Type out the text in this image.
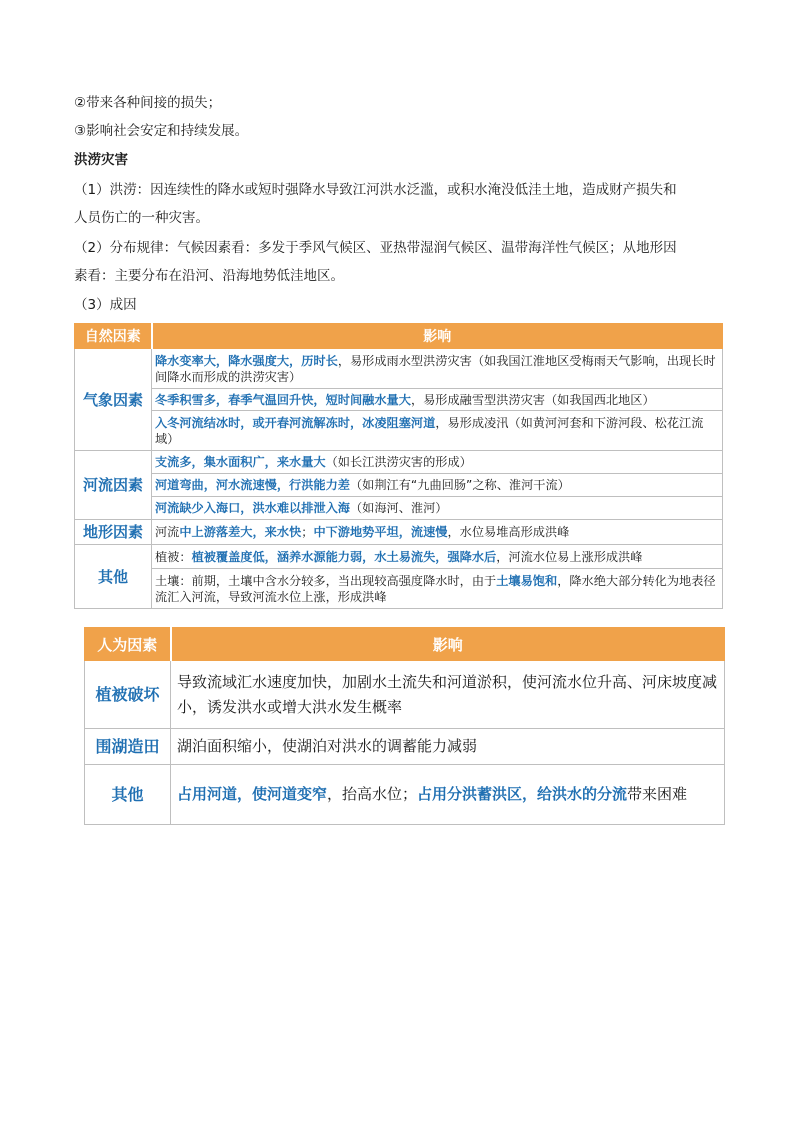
②带来各种间接的损失；
③影响社会安定和持续发展。
洪涝灾害
（1）洪涝：因连续性的降水或短时强降水导致江河洪水泛滥，或积水淹没低洼土地，造成财产损失和
人员伤亡的一种灾害。
（2）分布规律：气候因素看：多发于季风气候区、亚热带湿润气候区、温带海洋性气候区；从地形因
素看：主要分布在沿河、沿海地势低洼地区。
（3）成因
自然因素	影响
气象因素	降水变率大，降水强度大，历时长，易形成雨水型洪涝灾害（如我国江淮地区受梅雨天气影响，出现长时间降水而形成的洪涝灾害）
	冬季积雪多，春季气温回升快，短时间融水量大，易形成融雪型洪涝灾害（如我国西北地区）
	入冬河流结冰时，或开春河流解冻时，冰凌阻塞河道，易形成凌汛（如黄河河套和下游河段、松花江流域）
河流因素	支流多，集水面积广，来水量大（如长江洪涝灾害的形成）
	河道弯曲，河水流速慢，行洪能力差（如荆江有“九曲回肠”之称、淮河干流）
	河流缺少入海口，洪水难以排泄入海（如海河、淮河）
地形因素	河流中上游落差大，来水快；中下游地势平坦，流速慢，水位易堆高形成洪峰
其他	植被：植被覆盖度低，涵养水源能力弱，水土易流失，强降水后，河流水位易上涨形成洪峰
	土壤：前期，土壤中含水分较多，当出现较高强度降水时，由于土壤易饱和，降水绝大部分转化为地表径流汇入河流，导致河流水位上涨，形成洪峰
人为因素	影响
植被破坏	导致流域汇水速度加快，加剧水土流失和河道淤积，使河流水位升高、河床坡度减小，诱发洪水或增大洪水发生概率
围湖造田	湖泊面积缩小，使湖泊对洪水的调蓄能力减弱
其他	占用河道，使河道变窄，抬高水位；占用分洪蓄洪区，给洪水的分流带来困难
